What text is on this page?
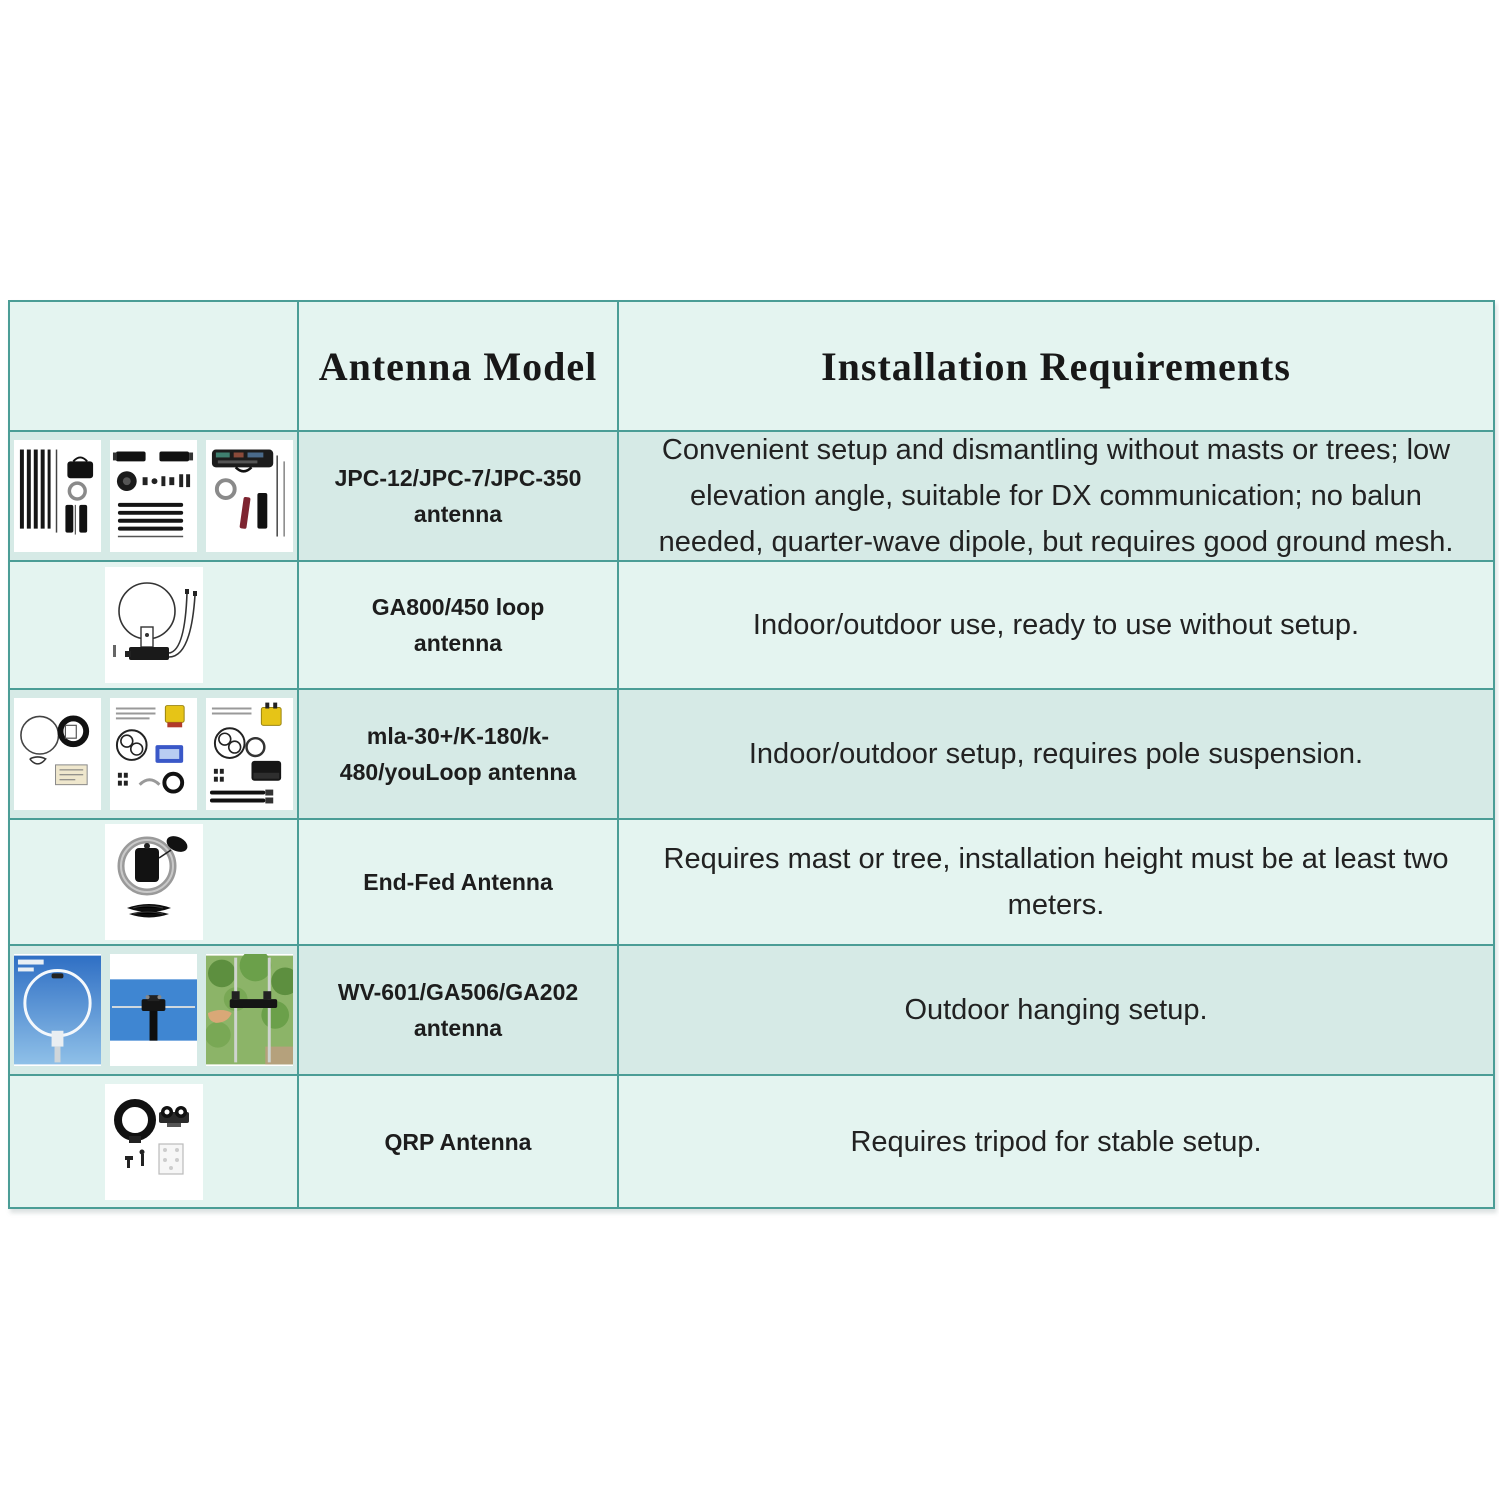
Antenna Model	Installation Requirements
JPC-12/JPC-7/JPC-350 antenna
Convenient setup and dismantling without masts or trees; low elevation angle, suitable for DX communication; no balun needed, quarter-wave dipole, but requires good ground mesh.
GA800/450 loop antenna
Indoor/outdoor use, ready to use without setup.
mla-30+/K-180/k-480/youLoop antenna
Indoor/outdoor setup, requires pole suspension.
End-Fed Antenna
Requires mast or tree, installation height must be at least two meters.
WV-601/GA506/GA202 antenna
Outdoor hanging setup.
QRP Antenna	Requires tripod for stable setup.
